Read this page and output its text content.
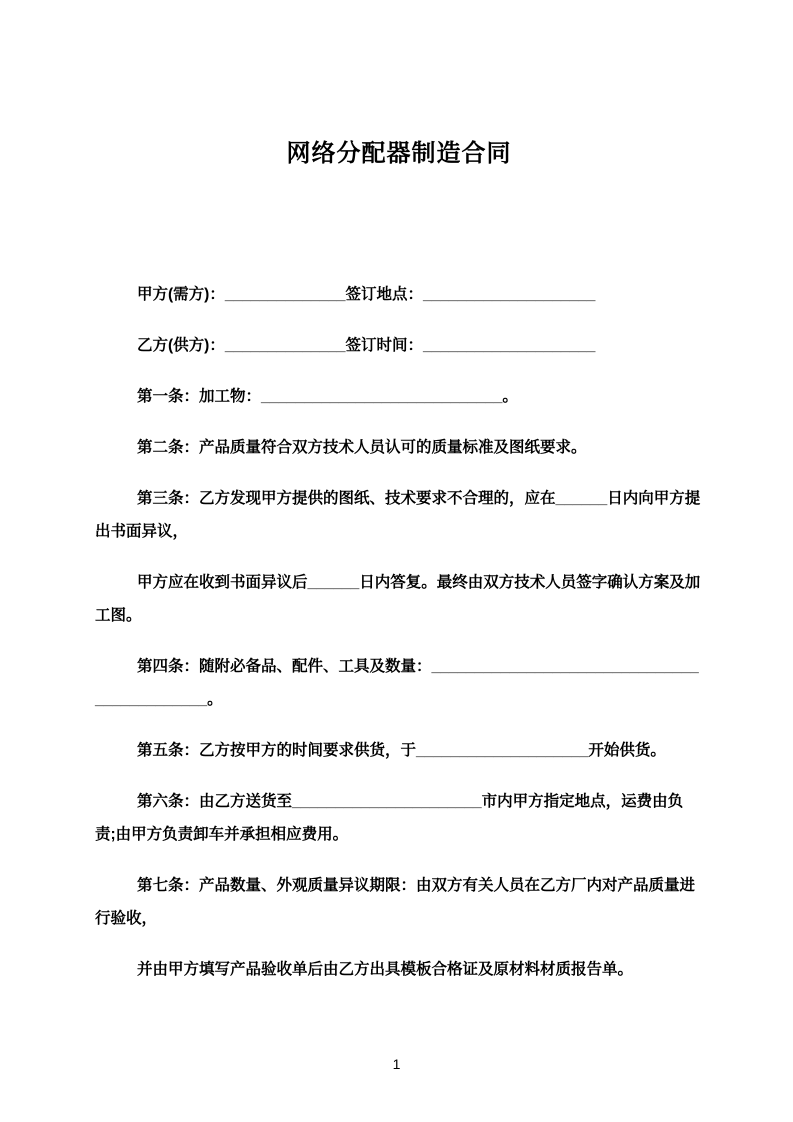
网络分配器制造合同

甲方(需方)：______________签订地点：____________________

乙方(供方)：______________签订时间：____________________

第一条：加工物：____________________________。

第二条：产品质量符合双方技术人员认可的质量标准及图纸要求。

第三条：乙方发现甲方提供的图纸、技术要求不合理的，应在______日内向甲方提出书面异议，

甲方应在收到书面异议后______日内答复。最终由双方技术人员签字确认方案及加工图。

第四条：随附必备品、配件、工具及数量：____________________________________________。

第五条：乙方按甲方的时间要求供货，于____________________开始供货。

第六条：由乙方送货至______________________市内甲方指定地点，运费由负责;由甲方负责卸车并承担相应费用。

第七条：产品数量、外观质量异议期限：由双方有关人员在乙方厂内对产品质量进行验收，

并由甲方填写产品验收单后由乙方出具模板合格证及原材料材质报告单。

1
